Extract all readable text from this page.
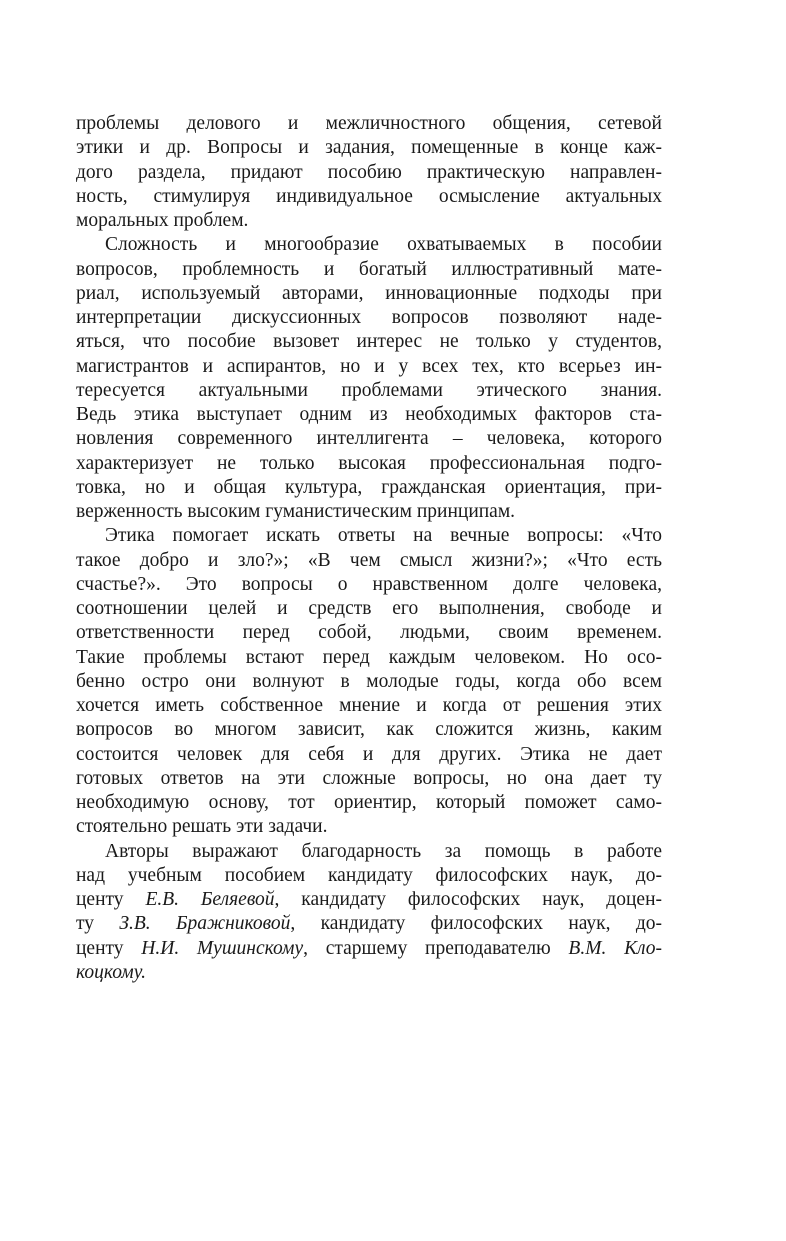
проблемы делового и межличностного общения, сетевой
этики и др. Вопросы и задания, помещенные в конце каж-
дого раздела, придают пособию практическую направлен-
ность, стимулируя индивидуальное осмысление актуальных
моральных проблем.

Сложность и многообразие охватываемых в пособии
вопросов, проблемность и богатый иллюстративный мате-
риал, используемый авторами, инновационные подходы при
интерпретации дискуссионных вопросов позволяют наде-
яться, что пособие вызовет интерес не только у студентов,
магистрантов и аспирантов, но и у всех тех, кто всерьез ин-
тересуется актуальными проблемами этического знания.
Ведь этика выступает одним из необходимых факторов ста-
новления современного интеллигента – человека, которого
характеризует не только высокая профессиональная подго-
товка, но и общая культура, гражданская ориентация, при-
верженность высоким гуманистическим принципам.

Этика помогает искать ответы на вечные вопросы: «Что
такое добро и зло?»; «В чем смысл жизни?»; «Что есть
счастье?». Это вопросы о нравственном долге человека,
соотношении целей и средств его выполнения, свободе и
ответственности перед собой, людьми, своим временем.
Такие проблемы встают перед каждым человеком. Но осо-
бенно остро они волнуют в молодые годы, когда обо всем
хочется иметь собственное мнение и когда от решения этих
вопросов во многом зависит, как сложится жизнь, каким
состоится человек для себя и для других. Этика не дает
готовых ответов на эти сложные вопросы, но она дает ту
необходимую основу, тот ориентир, который поможет само-
стоятельно решать эти задачи.

Авторы выражают благодарность за помощь в работе
над учебным пособием кандидату философских наук, до-
центу Е.В. Беляевой, кандидату философских наук, доцен-
ту З.В. Бражниковой, кандидату философских наук, до-
центу Н.И. Мушинскому, старшему преподавателю В.М. Кло-
коцкому.
